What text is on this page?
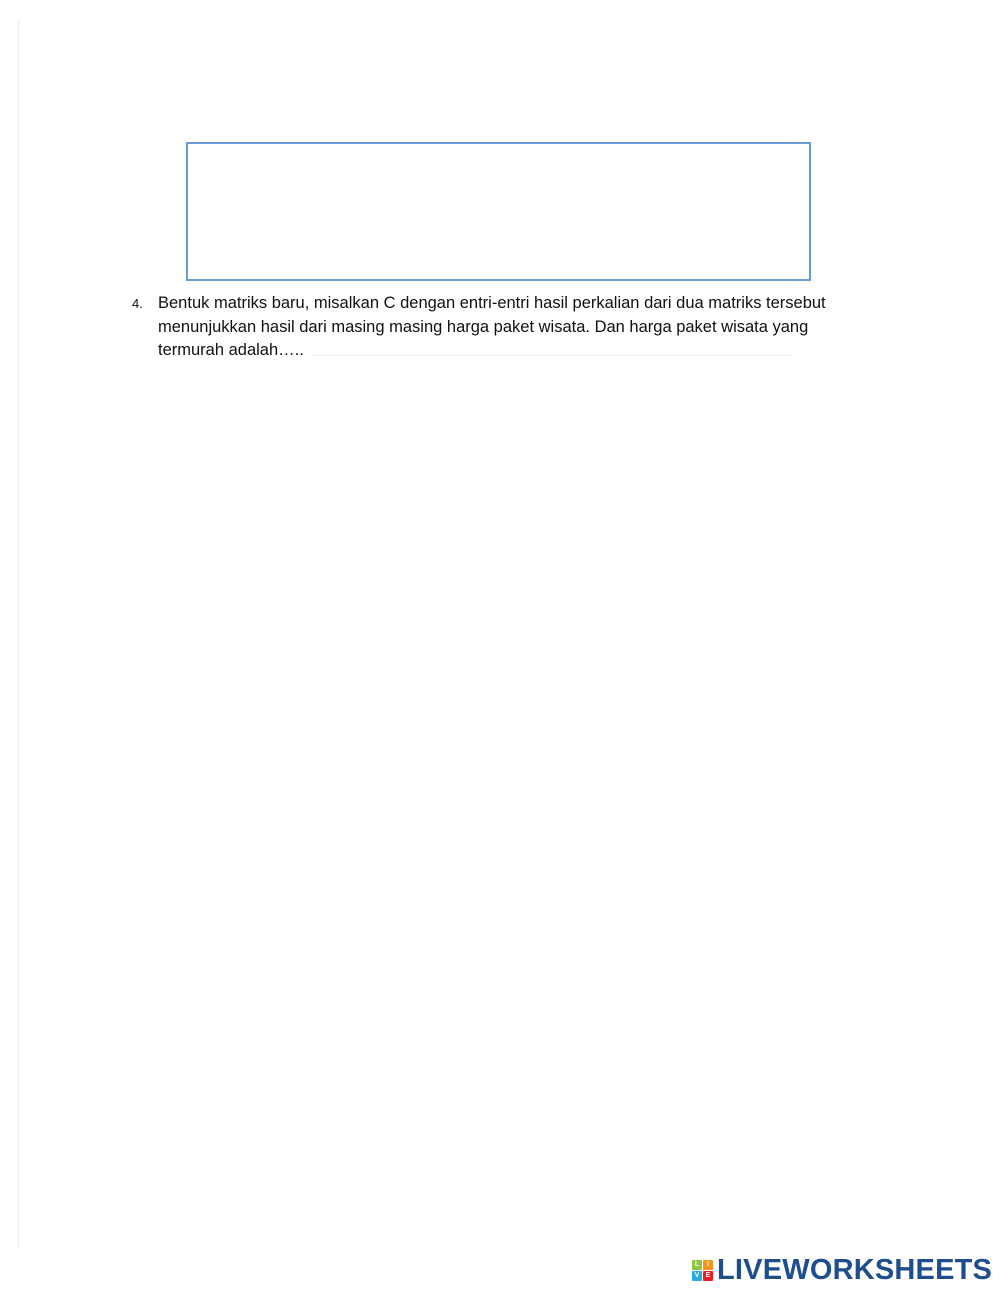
4. Bentuk matriks baru, misalkan C dengan entri-entri hasil perkalian dari dua matriks tersebut menunjukkan hasil dari masing masing harga paket wisata. Dan harga paket wisata yang termurah adalah…..

L	I
V E LIVEWORKSHEETS
